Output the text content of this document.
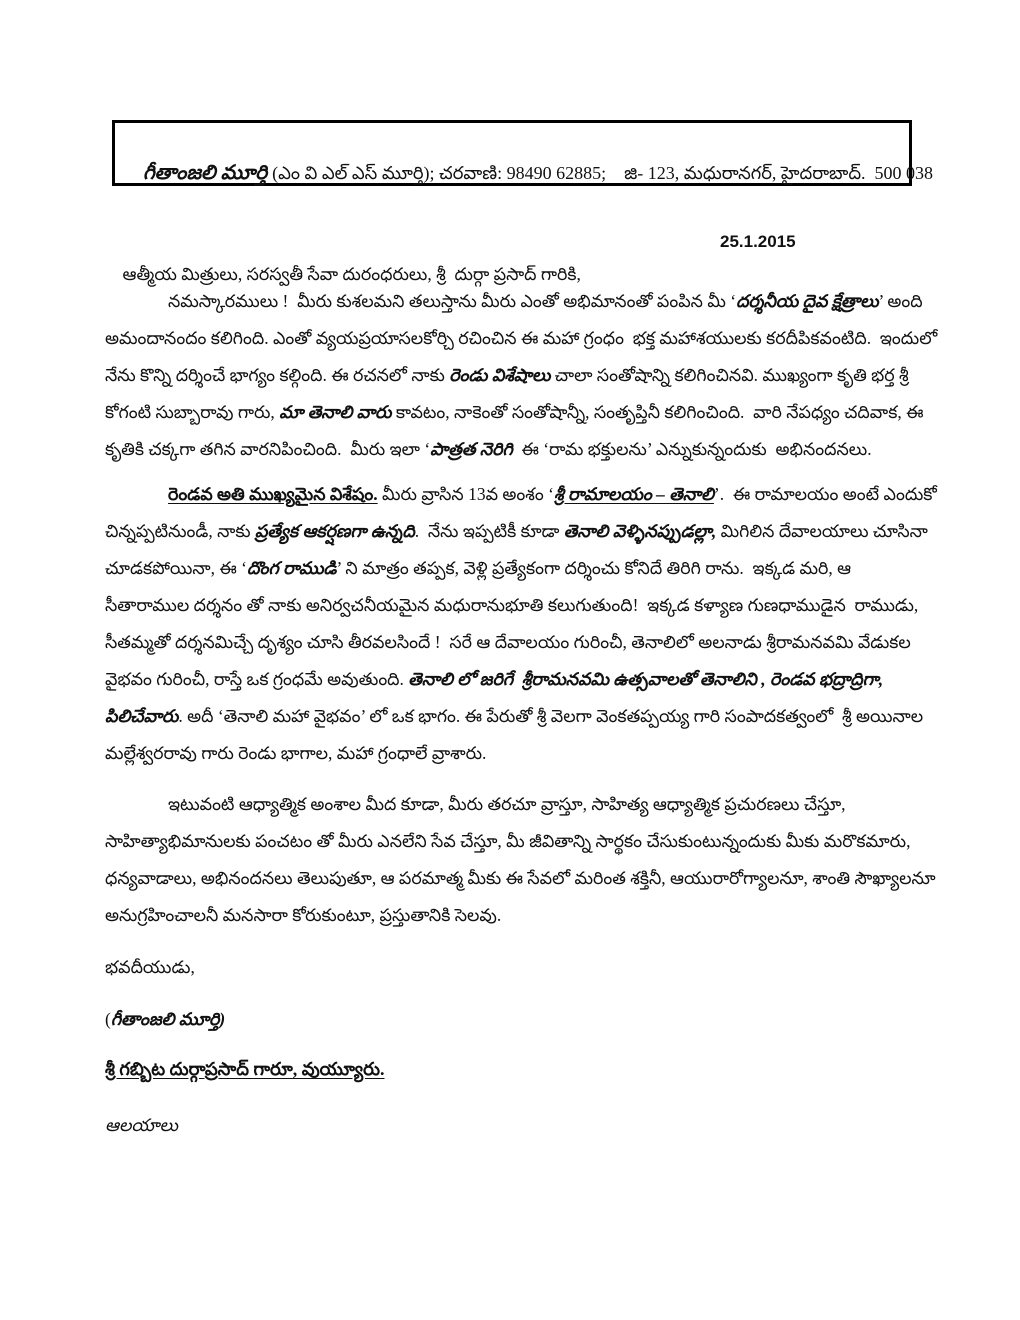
గీతాంజలి మూర్తి (ఎం వి ఎల్ ఎస్ మూర్తి); చరవాణి: 98490 62885;    జి- 123, మధురానగర్, హైదరాబాద్.  500 038

ఆత్మీయ మిత్రులు, సరస్వతీ సేవా దురంధరులు, శ్రీ  దుర్గా ప్రసాద్ గారికి,

25.1.2015

నమస్కారములు !  మీరు కుశలమని తలుస్తాను మీరు ఎంతో అభిమానంతో పంపిన మీ ‘దర్శనీయ దైవ క్షేత్రాలు’ అంది
అమందానందం కలిగింది. ఎంతో వ్యయప్రయాసలకోర్చి రచించిన ఈ మహా గ్రంధం  భక్త మహాశయులకు కరదీపికవంటిది.  ఇందులో
నేను కొన్ని దర్శించే భాగ్యం కల్గింది. ఈ రచనలో నాకు రెండు విశేషాలు చాలా సంతోషాన్ని కలిగించినవి. ముఖ్యంగా కృతి భర్త శ్రీ
కోగంటి సుబ్బారావు గారు, మా తెనాలి వారు కావటం, నాకెంతో సంతోషాన్నీ, సంతృప్తినీ కలిగించింది.  వారి నేపధ్యం చదివాక, ఈ
కృతికి చక్కగా తగిన వారనిపించింది.  మీరు ఇలా ‘పాత్రత నెరిగి  ఈ ‘రామ భక్తులను’ ఎన్నుకున్నందుకు  అభినందనలు.
రెండవ అతి ముఖ్యమైన విశేషం. మీరు వ్రాసిన 13వ అంశం ‘శ్రీ రామాలయం – తెనాలి’.  ఈ రామాలయం అంటే ఎందుకో
చిన్నప్పటినుండీ, నాకు ప్రత్యేక ఆకర్షణగా ఉన్నది.  నేను ఇప్పటికీ కూడా తెనాలి వెళ్ళినప్పుడల్లా, మిగిలిన దేవాలయాలు చూసినా
చూడకపోయినా, ఈ ‘దొంగ రాముడి’ ని మాత్రం తప్పక, వెళ్లి ప్రత్యేకంగా దర్శించు కోనిదే తిరిగి రాను.  ఇక్కడ మరి, ఆ
సీతారాముల దర్శనం తో నాకు అనిర్వచనీయమైన మధురానుభూతి కలుగుతుంది!  ఇక్కడ కళ్యాణ గుణధాముడైన  రాముడు,
సీతమ్మతో దర్శనమిచ్చే దృశ్యం చూసి తీరవలసిందే !  సరే ఆ దేవాలయం గురించీ, తెనాలిలో అలనాడు శ్రీరామనవమి వేడుకల
వైభవం గురించీ, రాస్తే ఒక గ్రంధమే అవుతుంది. తెనాలి లో జరిగే  శ్రీరామనవమి ఉత్సవాలతో తెనాలిని , రెండవ భద్రాద్రిగా,
పిలిచేవారు. అదీ ‘తెనాలి మహా వైభవం’ లో ఒక భాగం. ఈ పేరుతో శ్రీ వెలగా వెంకతప్పయ్య గారి సంపాదకత్వంలో  శ్రీ అయినాల
మల్లేశ్వరరావు గారు రెండు భాగాల, మహా గ్రంధాలే వ్రాశారు.
ఇటువంటి ఆధ్యాత్మిక అంశాల మీద కూడా, మీరు తరచూ వ్రాస్తూ, సాహిత్య ఆధ్యాత్మిక ప్రచురణలు చేస్తూ,
సాహిత్యాభిమానులకు పంచటం తో మీరు ఎనలేని సేవ చేస్తూ, మీ జీవితాన్ని సార్థకం చేసుకుంటున్నందుకు మీకు మరొకమారు,
ధన్యవాడాలు, అభినందనలు తెలుపుతూ, ఆ పరమాత్మ మీకు ఈ సేవలో మరింత శక్తినీ, ఆయురారోగ్యాలనూ, శాంతి సౌఖ్యాలనూ
అనుగ్రహించాలనీ మనసారా కోరుకుంటూ, ప్రస్తుతానికి సెలవు.
భవదీయుడు,
(గీతాంజలి మూర్తి)
శ్రీ గబ్బిట దుర్గాప్రసాద్ గారూ, వుయ్యూరు.
ఆలయాలు
